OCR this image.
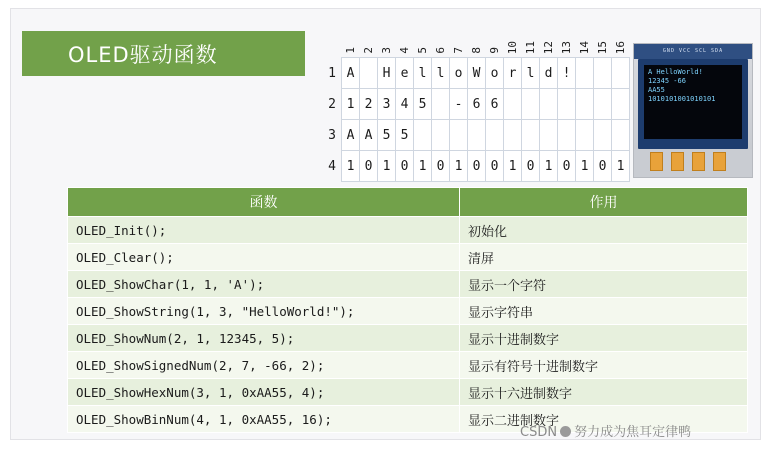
OLED驱动函数
		1	2	3	4	5	6	7	8	9	10	11	12	13	14	15	16
1	A		H	e	l	l	o	W	o	r	l	d	!			
2	1	2	3	4	5		-	6	6							
3	A	A	5	5												
4	1	0	1	0	1	0	1	0	0	1	0	1	0	1	0	1
GND VCC SCL SDA
A HelloWorld!
12345 -66
AA55
1010101001010101
函数	作用
OLED_Init();	初始化
OLED_Clear();	清屏
OLED_ShowChar(1, 1, 'A');	显示一个字符
OLED_ShowString(1, 3, "HelloWorld!");	显示字符串
OLED_ShowNum(2, 1, 12345, 5);	显示十进制数字
OLED_ShowSignedNum(2, 7, -66, 2);	显示有符号十进制数字
OLED_ShowHexNum(3, 1, 0xAA55, 4);	显示十六进制数字
OLED_ShowBinNum(4, 1, 0xAA55, 16);	显示二进制数字
CSDN 努力成为焦耳定律鸭
